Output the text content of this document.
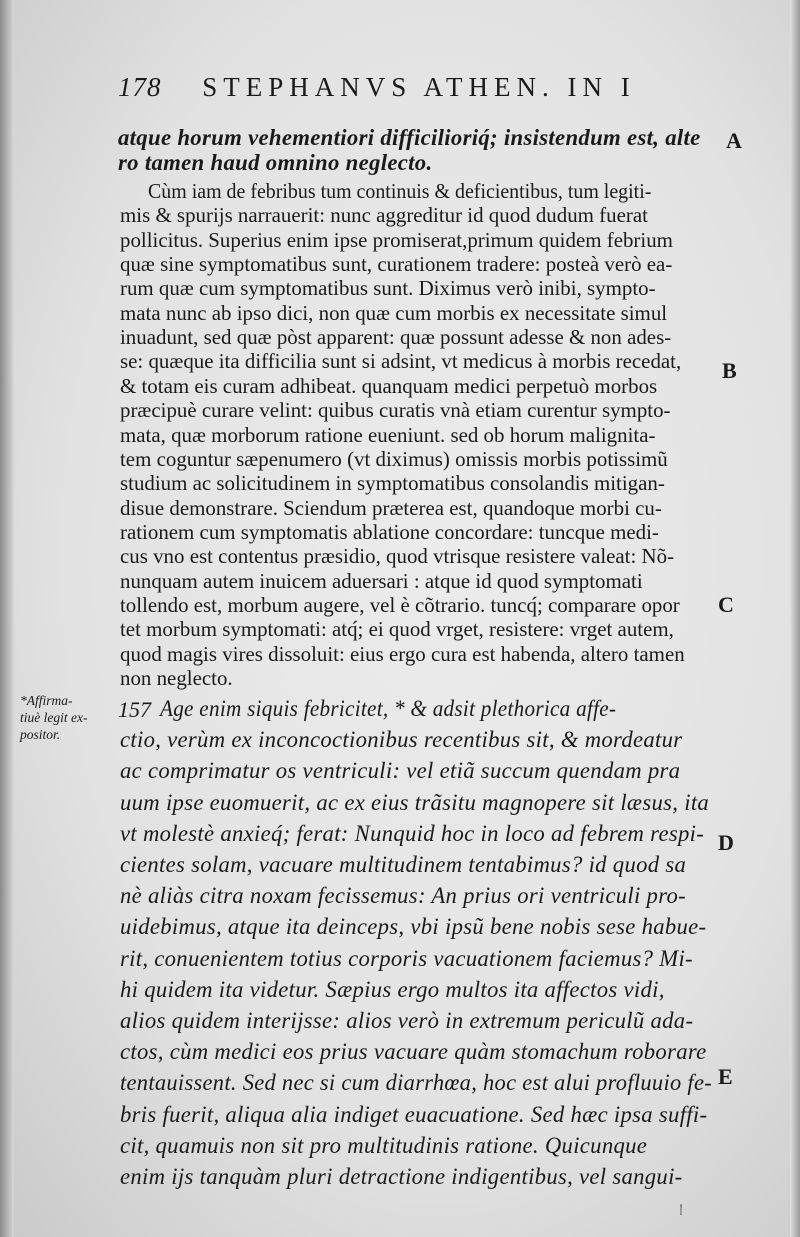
178 STEPHANVS ATHEN. IN I
atque horum vehementiori difficilioriq́; insistendum est, alte
ro tamen haud omnino neglecto.
Cùm iam de febribus tum continuis & deficientibus, tum legiti-
mis & spurijs narrauerit: nunc aggreditur id quod dudum fuerat
pollicitus. Superius enim ipse promiserat,primum quidem febrium
quæ sine symptomatibus sunt, curationem tradere: posteà verò ea-
rum quæ cum symptomatibus sunt. Diximus verò inibi, sympto-
mata nunc ab ipso dici, non quæ cum morbis ex necessitate simul
inuadunt, sed quæ pòst apparent: quæ possunt adesse & non ades-
se: quæque ita difficilia sunt si adsint, vt medicus à morbis recedat,
& totam eis curam adhibeat. quanquam medici perpetuò morbos
præcipuè curare velint: quibus curatis vnà etiam curentur sympto-
mata, quæ morborum ratione eueniunt. sed ob horum malignita-
tem coguntur sæpenumero (vt diximus) omissis morbis potissimũ
studium ac solicitudinem in symptomatibus consolandis mitigan-
disue demonstrare. Sciendum præterea est, quandoque morbi cu-
rationem cum symptomatis ablatione concordare: tuncque medi-
cus vno est contentus præsidio, quod vtrisque resistere valeat: Nõ-
nunquam autem inuicem aduersari : atque id quod symptomati
tollendo est, morbum augere, vel è cõtrario. tuncq́; comparare opor
tet morbum symptomati: atq́; ei quod vrget, resistere: vrget autem,
quod magis vires dissoluit: eius ergo cura est habenda, altero tamen
non neglecto.
Age enim siquis febricitet, * & adsit plethorica affe-
ctio, verùm ex inconcoctionibus recentibus sit, & mordeatur
ac comprimatur os ventriculi: vel etiã succum quendam pra
uum ipse euomuerit, ac ex eius trãsitu magnopere sit læsus, ita
vt molestè anxieq́; ferat: Nunquid hoc in loco ad febrem respi-
cientes solam, vacuare multitudinem tentabimus? id quod sa
nè aliàs citra noxam fecissemus: An prius ori ventriculi pro-
uidebimus, atque ita deinceps, vbi ipsũ bene nobis sese habue-
rit, conuenientem totius corporis vacuationem faciemus? Mi-
hi quidem ita videtur. Sæpius ergo multos ita affectos vidi,
alios quidem interijsse: alios verò in extremum periculũ ada-
ctos, cùm medici eos prius vacuare quàm stomachum roborare
tentauissent. Sed nec si cum diarrhœa, hoc est alui profluuio fe-
bris fuerit, aliqua alia indiget euacuatione. Sed hæc ipsa suffi-
cit, quamuis non sit pro multitudinis ratione. Quicunque
enim ijs tanquàm pluri detractione indigentibus, vel sangui-
nem
A
B
C
D
E
*Affirma-
tiuè legit ex-
positor.
157
